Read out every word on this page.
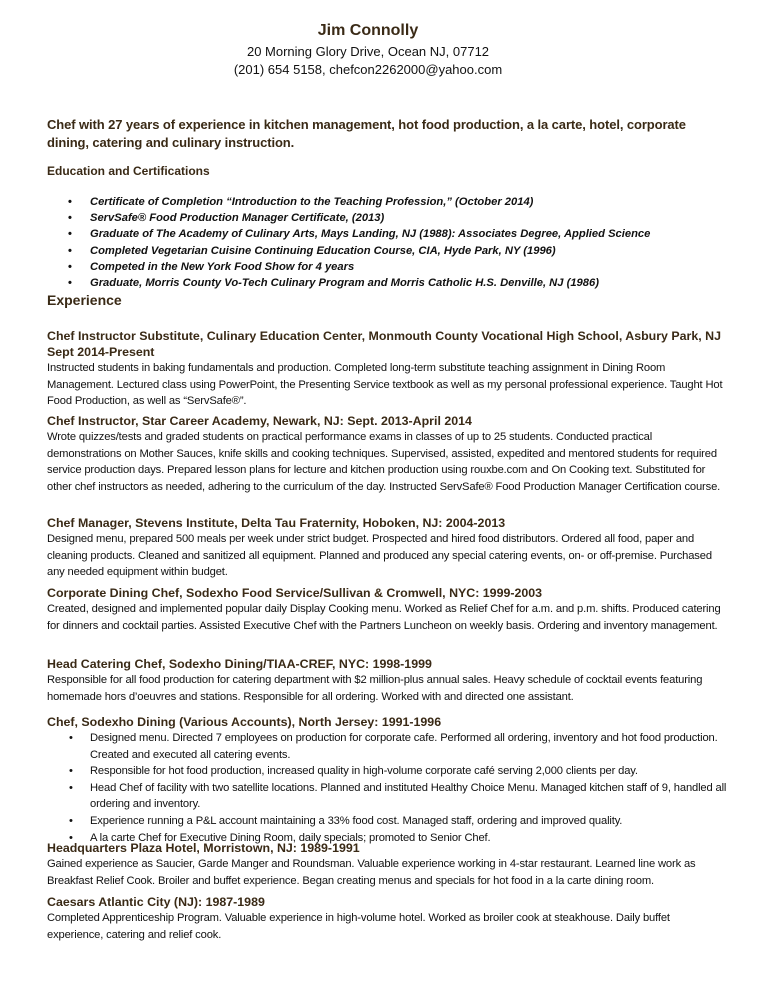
Jim Connolly
20 Morning Glory Drive, Ocean NJ, 07712
(201) 654 5158, chefcon2262000@yahoo.com
Chef with 27 years of experience in kitchen management, hot food production, a la carte, hotel, corporate dining, catering and culinary instruction.
Education and Certifications
• Certificate of Completion “Introduction to the Teaching Profession,” (October 2014)
• ServSafe® Food Production Manager Certificate, (2013)
• Graduate of The Academy of Culinary Arts, Mays Landing, NJ (1988): Associates Degree, Applied Science
• Completed Vegetarian Cuisine Continuing Education Course, CIA, Hyde Park, NY (1996)
• Competed in the New York Food Show for 4 years
• Graduate, Morris County Vo-Tech Culinary Program and Morris Catholic H.S. Denville, NJ (1986)
Experience
Chef Instructor Substitute, Culinary Education Center, Monmouth County Vocational High School, Asbury Park, NJ Sept 2014-Present
Instructed students in baking fundamentals and production. Completed long-term substitute teaching assignment in Dining Room Management. Lectured class using PowerPoint, the Presenting Service textbook as well as my personal professional experience. Taught Hot Food Production, as well as “ServSafe®”.
Chef Instructor, Star Career Academy, Newark, NJ: Sept. 2013-April 2014
Wrote quizzes/tests and graded students on practical performance exams in classes of up to 25 students. Conducted practical demonstrations on Mother Sauces, knife skills and cooking techniques. Supervised, assisted, expedited and mentored students for required service production days. Prepared lesson plans for lecture and kitchen production using rouxbe.com and On Cooking text. Substituted for other chef instructors as needed, adhering to the curriculum of the day. Instructed ServSafe® Food Production Manager Certification course.
Chef Manager, Stevens Institute, Delta Tau Fraternity, Hoboken, NJ: 2004-2013
Designed menu, prepared 500 meals per week under strict budget. Prospected and hired food distributors. Ordered all food, paper and cleaning products. Cleaned and sanitized all equipment. Planned and produced any special catering events, on- or off-premise. Purchased any needed equipment within budget.
Corporate Dining Chef, Sodexho Food Service/Sullivan & Cromwell, NYC: 1999-2003
Created, designed and implemented popular daily Display Cooking menu. Worked as Relief Chef for a.m. and p.m. shifts. Produced catering for dinners and cocktail parties. Assisted Executive Chef with the Partners Luncheon on weekly basis. Ordering and inventory management.
Head Catering Chef, Sodexho Dining/TIAA-CREF, NYC: 1998-1999
Responsible for all food production for catering department with $2 million-plus annual sales. Heavy schedule of cocktail events featuring homemade hors d’oeuvres and stations. Responsible for all ordering. Worked with and directed one assistant.
Chef, Sodexho Dining (Various Accounts), North Jersey: 1991-1996
• Designed menu. Directed 7 employees on production for corporate cafe. Performed all ordering, inventory and hot food production. Created and executed all catering events.
• Responsible for hot food production, increased quality in high-volume corporate café serving 2,000 clients per day.
• Head Chef of facility with two satellite locations. Planned and instituted Healthy Choice Menu. Managed kitchen staff of 9, handled all ordering and inventory.
• Experience running a P&L account maintaining a 33% food cost. Managed staff, ordering and improved quality.
• A la carte Chef for Executive Dining Room, daily specials; promoted to Senior Chef.
Headquarters Plaza Hotel, Morristown, NJ: 1989-1991
Gained experience as Saucier, Garde Manger and Roundsman. Valuable experience working in 4-star restaurant. Learned line work as Breakfast Relief Cook. Broiler and buffet experience. Began creating menus and specials for hot food in a la carte dining room.
Caesars Atlantic City (NJ): 1987-1989
Completed Apprenticeship Program. Valuable experience in high-volume hotel. Worked as broiler cook at steakhouse. Daily buffet experience, catering and relief cook.
